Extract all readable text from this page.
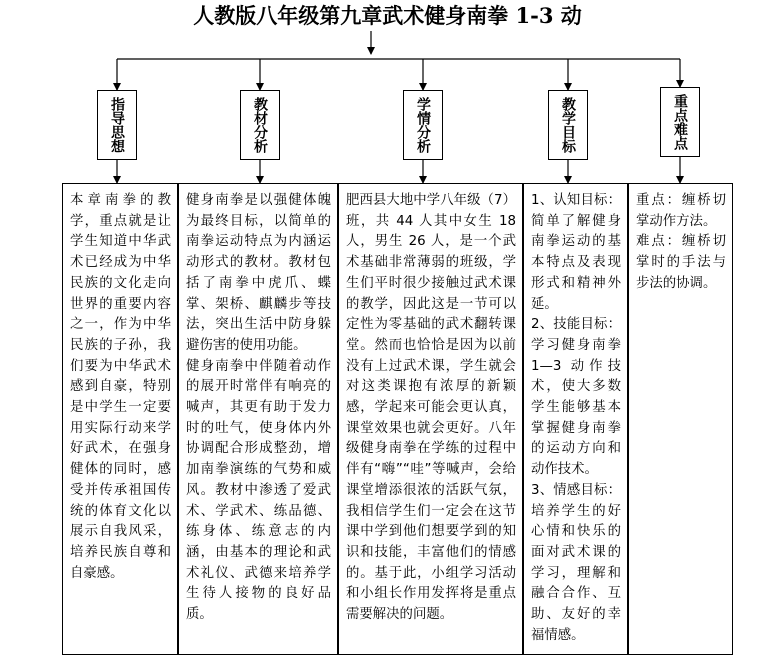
人教版八年级第九章武术健身南拳 1-3 动
指导思想	教材分析	学情分析	教学目标	重点难点

本章南拳的教学，重点就是让学生知道中华武术已经成为中华民族的文化走向世界的重要内容之一，作为中华民族的子孙，我们要为中华武术感到自豪，特别是中学生一定要用实际行动来学好武术，在强身健体的同时，感受并传承祖国传统的体育文化以展示自我风采，培养民族自尊和自豪感。

健身南拳是以强健体魄为最终目标，以简单的南拳运动特点为内涵运动形式的教材。教材包括了南拳中虎爪、蝶掌、架桥、麒麟步等技法，突出生活中防身躲避伤害的使用功能。
健身南拳中伴随着动作的展开时常伴有响亮的喊声，其更有助于发力时的吐气，使身体内外协调配合形成整劲，增加南拳演练的气势和威风。教材中渗透了爱武术、学武术、练品德、练身体、练意志的内涵，由基本的理论和武术礼仪、武德来培养学生待人接物的良好品质。

肥西县大地中学八年级（7）班，共 44 人其中女生 18 人，男生 26 人，是一个武术基础非常薄弱的班级，学生们平时很少接触过武术课的教学，因此这是一节可以定性为零基础的武术翻转课堂。然而也恰恰是因为以前没有上过武术课，学生就会对这类课抱有浓厚的新颖感，学起来可能会更认真，课堂效果也就会更好。八年级健身南拳在学练的过程中伴有“嗨”“哇”等喊声，会给课堂增添很浓的活跃气氛，我相信学生们一定会在这节课中学到他们想要学到的知识和技能，丰富他们的情感的。基于此，小组学习活动和小组长作用发挥将是重点需要解决的问题。

1、认知目标：简单了解健身南拳运动的基本特点及表现形式和精神外延。
2、技能目标：学习健身南拳 1—3 动作技术，使大多数学生能够基本掌握健身南拳的运动方向和动作技术。
3、情感目标：培养学生的好心情和快乐的面对武术课的学习，理解和融合合作、互助、友好的幸福情感。

重点：缠桥切掌动作方法。
难点：缠桥切掌时的手法与步法的协调。
